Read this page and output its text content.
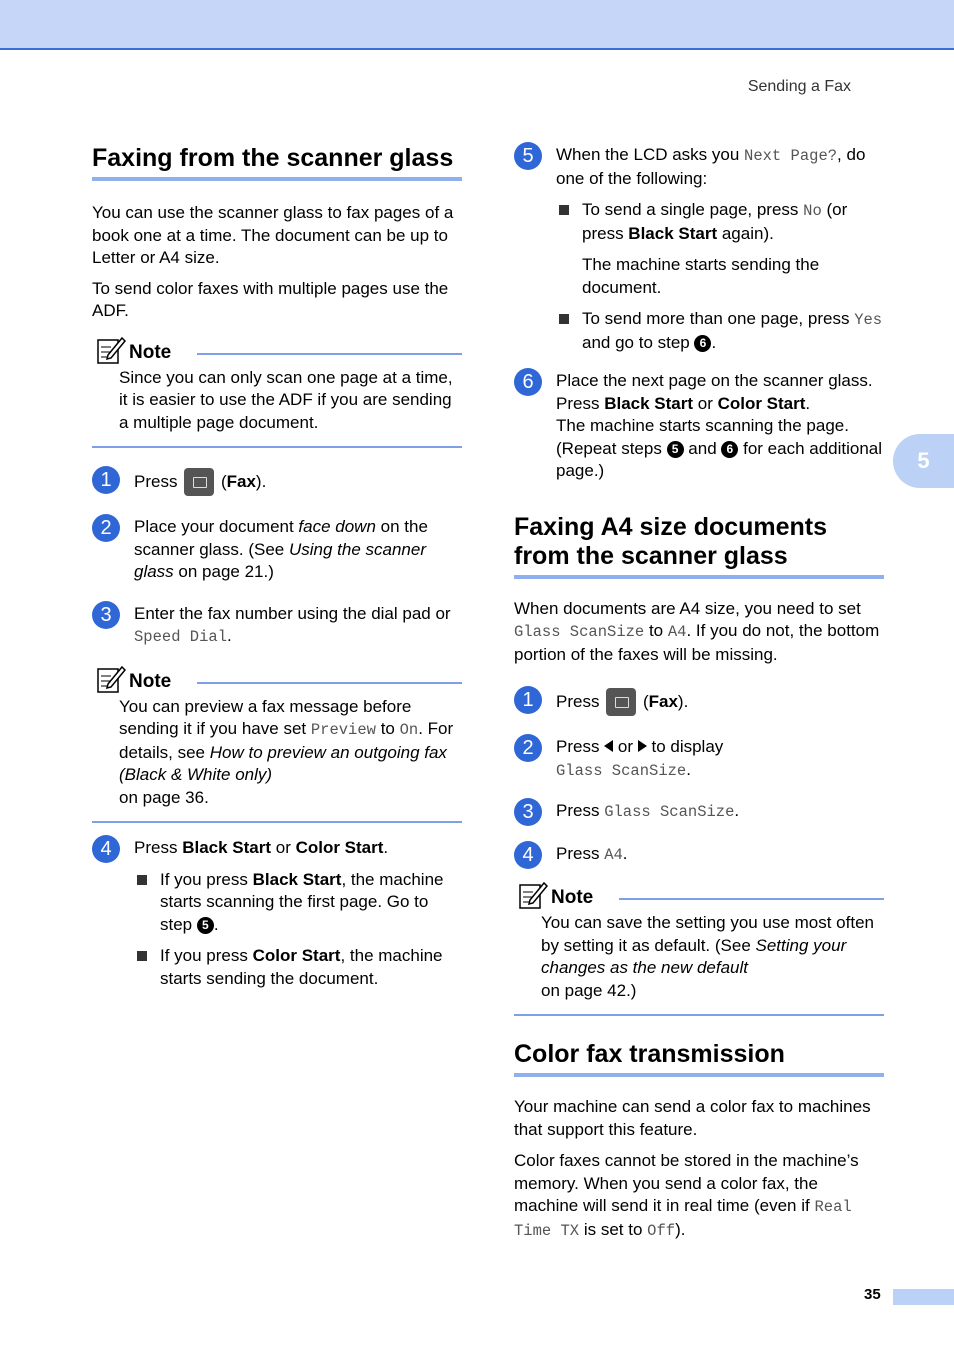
Sending a Fax
5
Faxing from the scanner glass

You can use the scanner glass to fax pages of a book one at a time. The document can be up to Letter or A4 size.

To send color faxes with multiple pages use the ADF.

Note

Since you can only scan one page at a time, it is easier to use the ADF if you are sending a multiple page document.

1	Press	(Fax).
2	Place your document face down on the scanner glass. (See Using the scanner glass on page 21.)
3	Enter the fax number using the dial pad or Speed Dial.
Note

You can preview a fax message before sending it if you have set Preview to On. For details, see How to preview an outgoing fax (Black & White only)
on page 36.

4	Press Black Start or Color Start.
If you press Black Start, the machine starts scanning the first page. Go to step 5 .
If you press Color Start, the machine starts sending the document.
5	When the LCD asks you Next Page?, do one of the following:
To send a single page, press No (or press Black Start again).

The machine starts sending the document.

To send more than one page, press Yes and go to step 6 .
6	Place the next page on the scanner glass.
Press Black Start or Color Start.
The machine starts scanning the page.
(Repeat steps 5 and 6 for each additional page.)
Faxing A4 size documents from the scanner glass

When documents are A4 size, you need to set Glass ScanSize to A4. If you do not, the bottom portion of the faxes will be missing.

1	Press	(Fax).
2	Press  or  to display
Glass ScanSize.
3	Press Glass ScanSize.
4	Press A4.
Note

You can save the setting you use most often by setting it as default. (See Setting your changes as the new default
on page 42.)

Color fax transmission

Your machine can send a color fax to machines that support this feature.

Color faxes cannot be stored in the machine’s memory. When you send a color fax, the machine will send it in real time (even if Real Time TX is set to Off).

35
